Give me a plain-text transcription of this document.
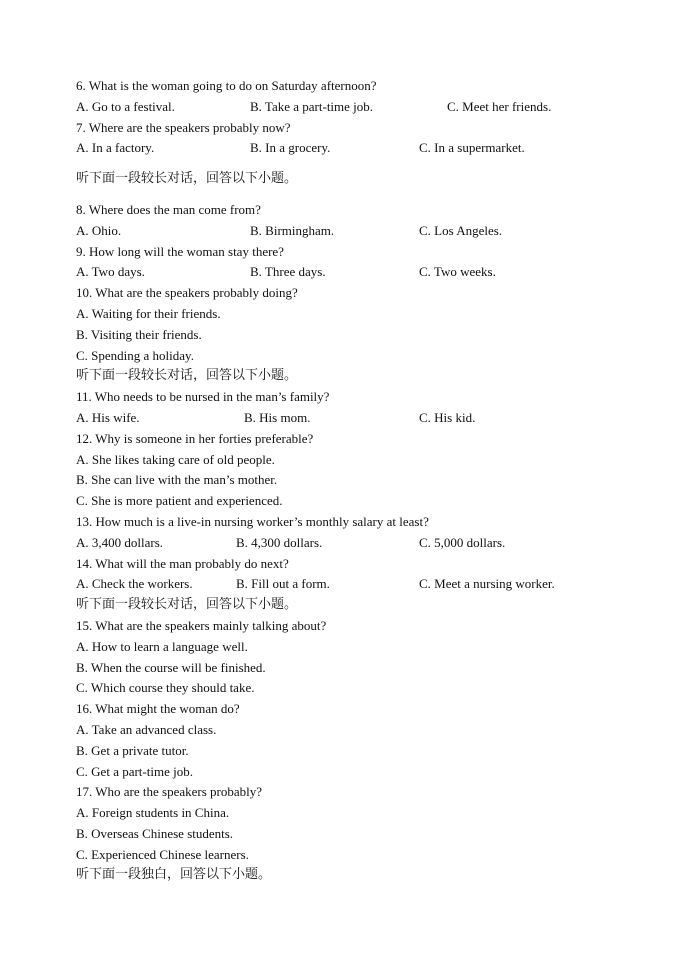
6. What is the woman going to do on Saturday afternoon?
A. Go to a festival.	B. Take a part-time job.	C. Meet her friends.
7. Where are the speakers probably now?
A. In a factory.	B. In a grocery.	C. In a supermarket.
听下面一段较长对话，回答以下小题。
8. Where does the man come from?
A. Ohio.	B. Birmingham.	C. Los Angeles.
9. How long will the woman stay there?
A. Two days.	B. Three days.	C. Two weeks.
10. What are the speakers probably doing?
A. Waiting for their friends.
B. Visiting their friends.
C. Spending a holiday.
听下面一段较长对话，回答以下小题。
11. Who needs to be nursed in the man’s family?
A. His wife.	B. His mom.	C. His kid.
12. Why is someone in her forties preferable?
A. She likes taking care of old people.
B. She can live with the man’s mother.
C. She is more patient and experienced.
13. How much is a live-in nursing worker’s monthly salary at least?
A. 3,400 dollars.	B. 4,300 dollars.	C. 5,000 dollars.
14. What will the man probably do next?
A. Check the workers.	B. Fill out a form.	C. Meet a nursing worker.
听下面一段较长对话，回答以下小题。
15. What are the speakers mainly talking about?
A. How to learn a language well.
B. When the course will be finished.
C. Which course they should take.
16. What might the woman do?
A. Take an advanced class.
B. Get a private tutor.
C. Get a part-time job.
17. Who are the speakers probably?
A. Foreign students in China.
B. Overseas Chinese students.
C. Experienced Chinese learners.
听下面一段独白，回答以下小题。
